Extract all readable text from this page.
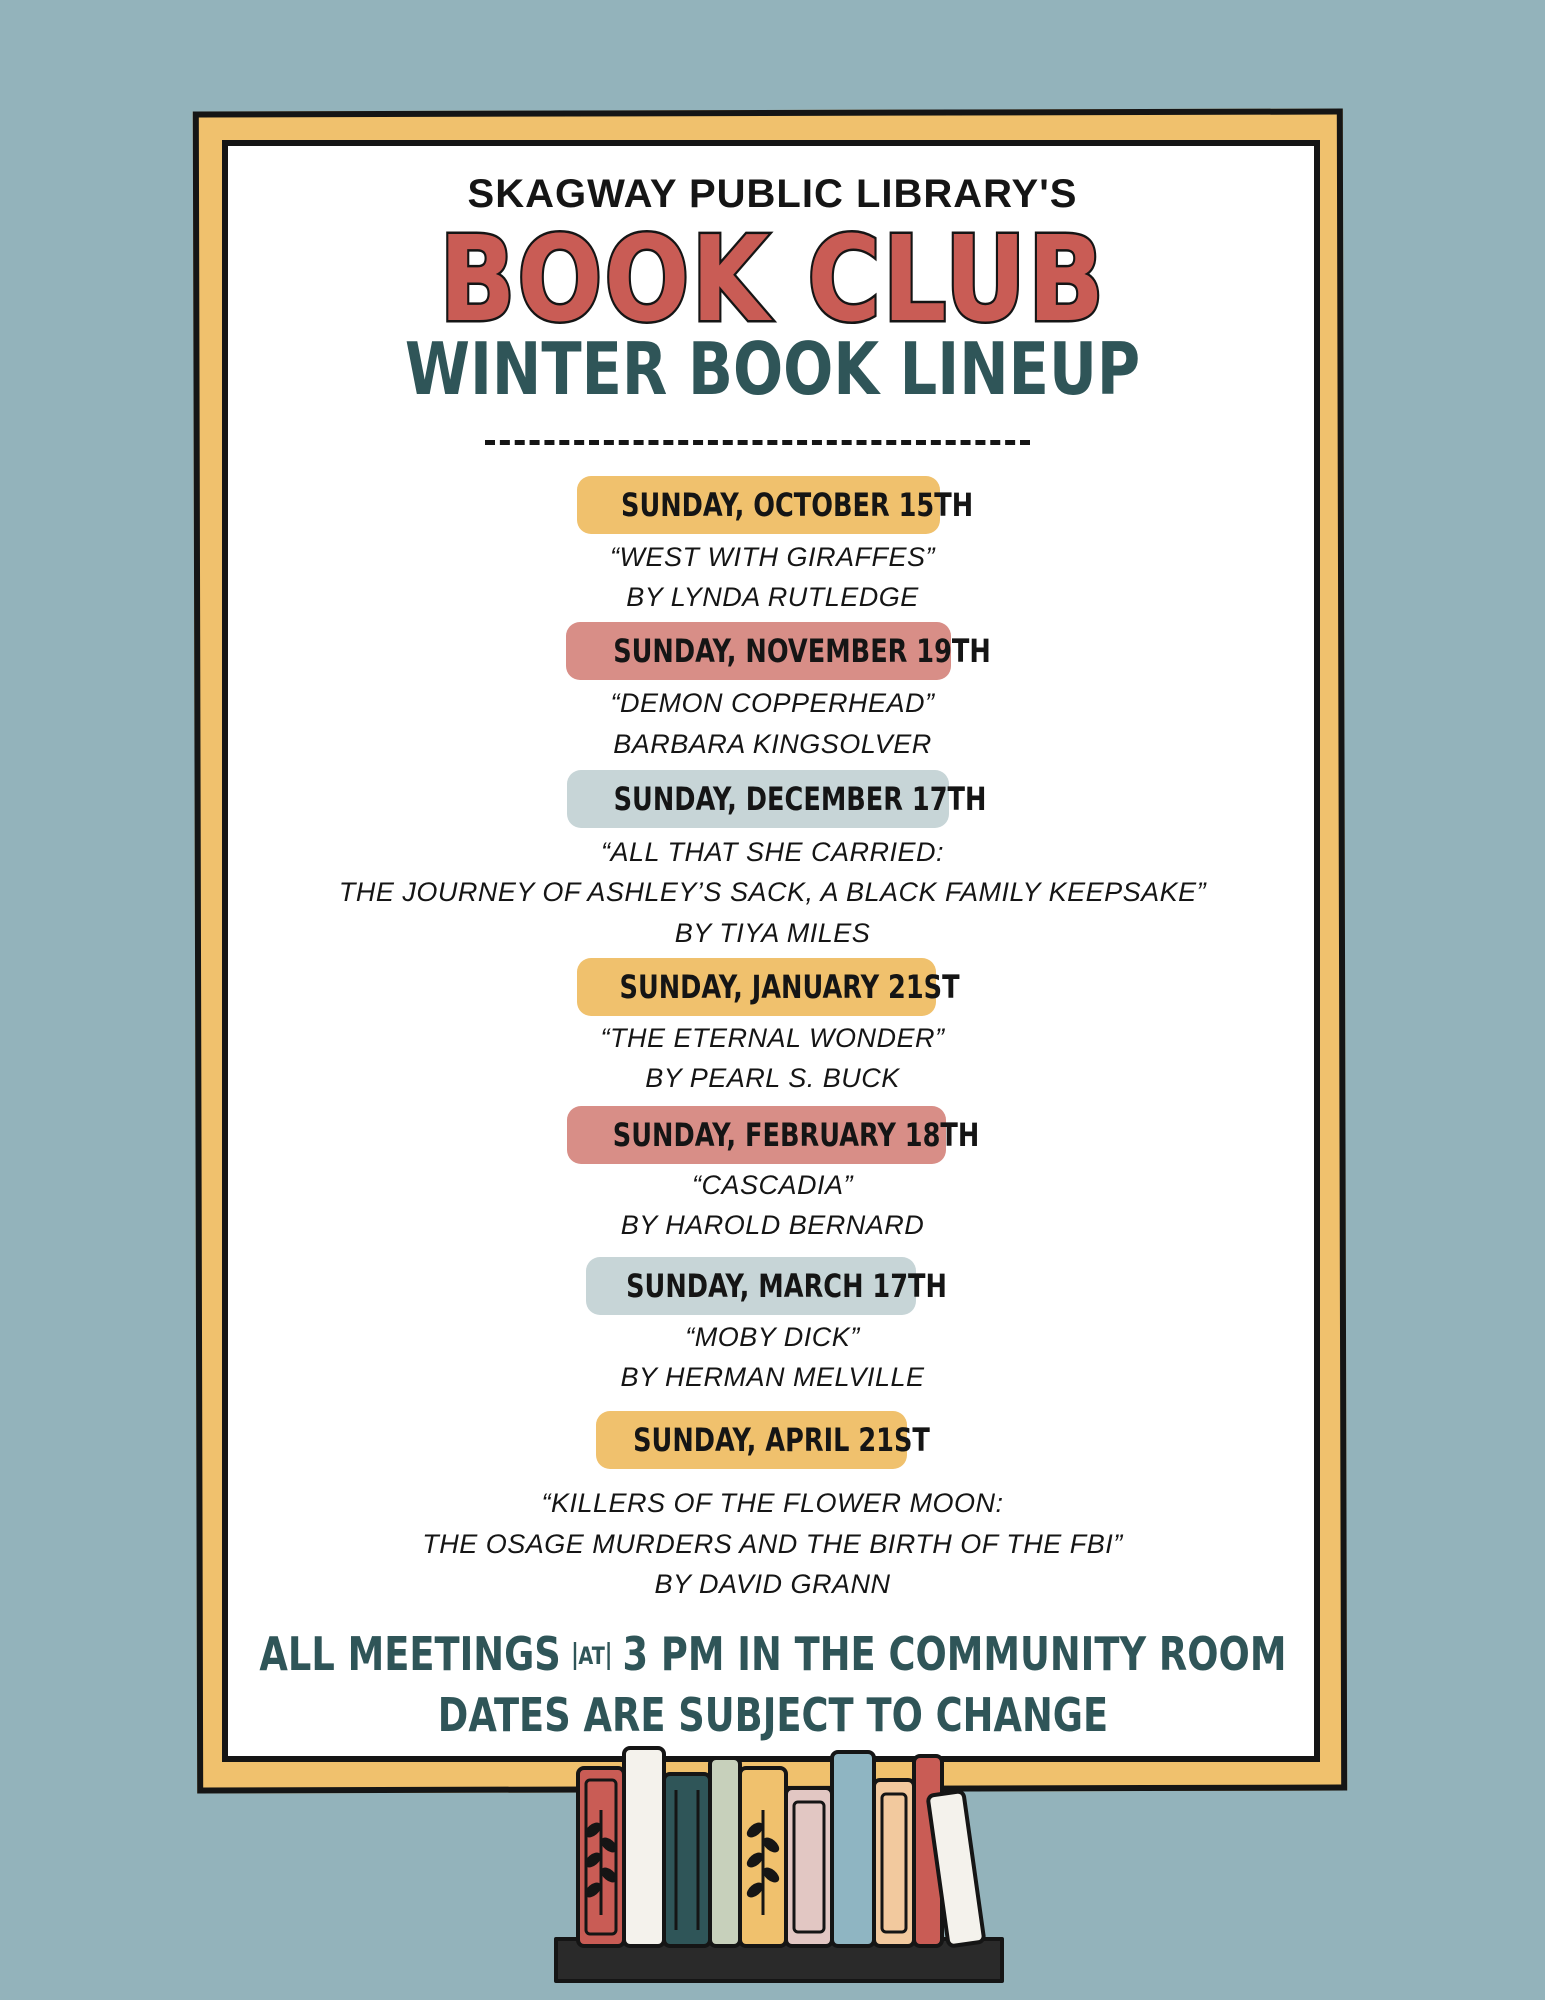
SKAGWAY PUBLIC LIBRARY'S
BOOK CLUB
WINTER BOOK LINEUP
SUNDAY, OCTOBER 15TH
“WEST WITH GIRAFFES”
BY LYNDA RUTLEDGE
SUNDAY, NOVEMBER 19TH
“DEMON COPPERHEAD”
BARBARA KINGSOLVER
SUNDAY, DECEMBER 17TH
“ALL THAT SHE CARRIED:
THE JOURNEY OF ASHLEY’S SACK, A BLACK FAMILY KEEPSAKE”
BY TIYA MILES
SUNDAY, JANUARY 21ST
“THE ETERNAL WONDER”
BY PEARL S. BUCK
SUNDAY, FEBRUARY 18TH
“CASCADIA”
BY HAROLD BERNARD
SUNDAY, MARCH 17TH
“MOBY DICK”
BY HERMAN MELVILLE
SUNDAY, APRIL 21ST
“KILLERS OF THE FLOWER MOON:
THE OSAGE MURDERS AND THE BIRTH OF THE FBI”
BY DAVID GRANN
ALL MEETINGS AT 3 PM IN THE COMMUNITY ROOM
DATES ARE SUBJECT TO CHANGE
